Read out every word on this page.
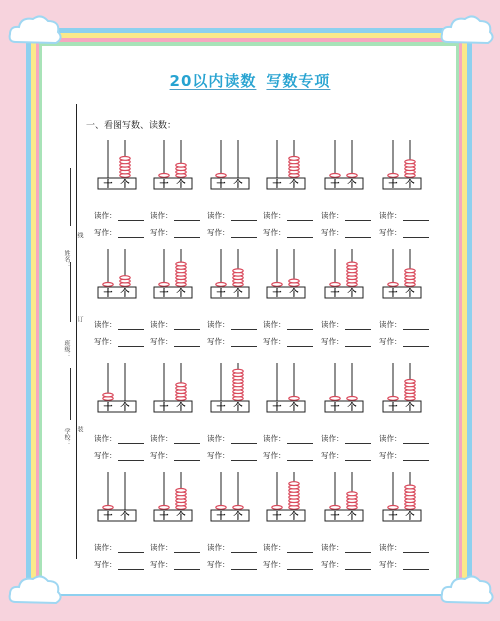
20以内读数 写数专项
姓名：
线
班级：
订
学校： 装
一、看图写数、读数：
十 个
读作：
写作：
十 个
读作：
写作：
十 个
读作：
写作：
十 个
读作：
写作：
十 个
读作：
写作：
十 个
读作：
写作：
十 个
读作：
写作：
十 个
读作：
写作：
十 个
读作：
写作：
十 个
读作：
写作：
十 个
读作：
写作：
十 个
读作：
写作：
十 个
读作：
写作：
十 个
读作：
写作：
十 个
读作：
写作：
十 个
读作：
写作：
十 个
读作：
写作：
十 个
读作：
写作：
十 个
读作：
写作：
十 个
读作：
写作：
十 个
读作：
写作：
十 个
读作：
写作：
十 个
读作：
写作：
十 个
读作：
写作：
